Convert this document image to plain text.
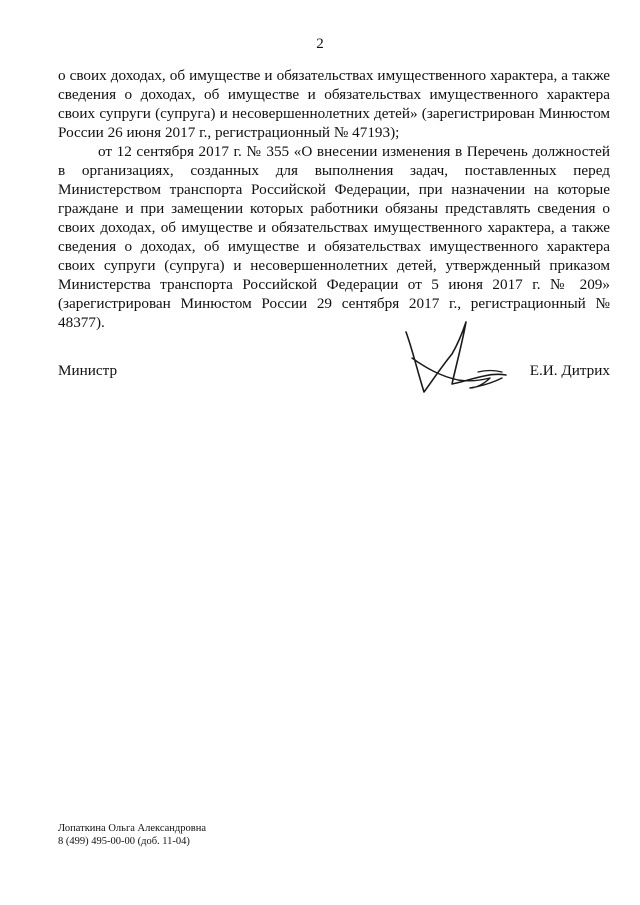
2

о своих доходах, об имуществе и обязательствах имущественного характера, а также сведения о доходах, об имуществе и обязательствах имущественного характера своих супруги (супруга) и несовершеннолетних детей» (зарегистрирован Минюстом России 26 июня 2017 г., регистрационный № 47193);

от 12 сентября 2017 г. № 355 «О внесении изменения в Перечень должностей в организациях, созданных для выполнения задач, поставленных перед Министерством транспорта Российской Федерации, при назначении на которые граждане и при замещении которых работники обязаны представлять сведения о своих доходах, об имуществе и обязательствах имущественного характера, а также сведения о доходах, об имуществе и обязательствах имущественного характера своих супруги (супруга) и несовершеннолетних детей, утвержденный приказом Министерства транспорта Российской Федерации от 5 июня 2017 г. № 209» (зарегистрирован Минюстом России 29 сентября 2017 г., регистрационный № 48377).

Министр	Е.И. Дитрих
Лопаткина Ольга Александровна
8 (499) 495-00-00 (доб. 11-04)
